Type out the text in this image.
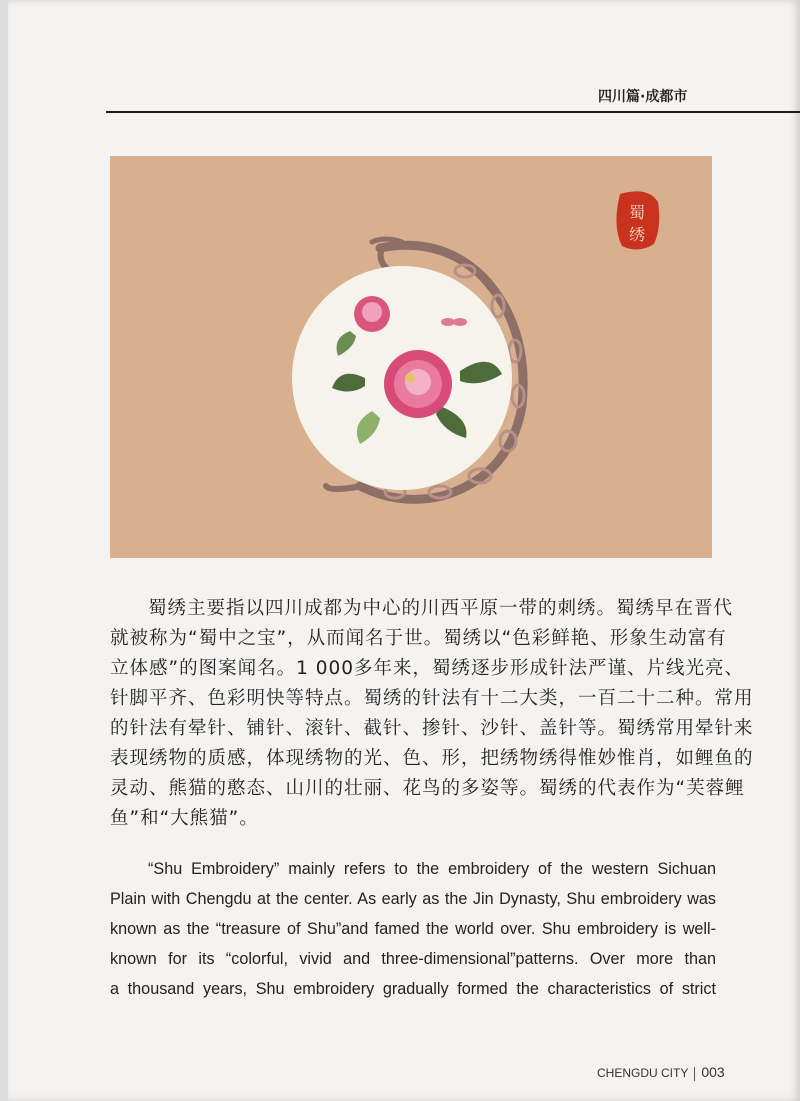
四川篇·成都市
蜀
绣
蜀绣主要指以四川成都为中心的川西平原一带的刺绣。蜀绣早在晋代
就被称为“蜀中之宝”，从而闻名于世。蜀绣以“色彩鲜艳、形象生动富有
立体感”的图案闻名。1 000多年来，蜀绣逐步形成针法严谨、片线光亮、
针脚平齐、色彩明快等特点。蜀绣的针法有十二大类，一百二十二种。常用
的针法有晕针、铺针、滚针、截针、掺针、沙针、盖针等。蜀绣常用晕针来
表现绣物的质感，体现绣物的光、色、形，把绣物绣得惟妙惟肖，如鲤鱼的
灵动、熊猫的憨态、山川的壮丽、花鸟的多姿等。蜀绣的代表作为“芙蓉鲤
鱼”和“大熊猫”。
“Shu Embroidery” mainly refers to the embroidery of the western Sichuan
Plain with Chengdu at the center. As early as the Jin Dynasty, Shu embroidery was
known as the “treasure of Shu”and famed the world over. Shu embroidery is well-
known for its “colorful, vivid and three-dimensional”patterns. Over more than
a thousand years, Shu embroidery gradually formed the characteristics of strict
CHENGDU CITY 003
